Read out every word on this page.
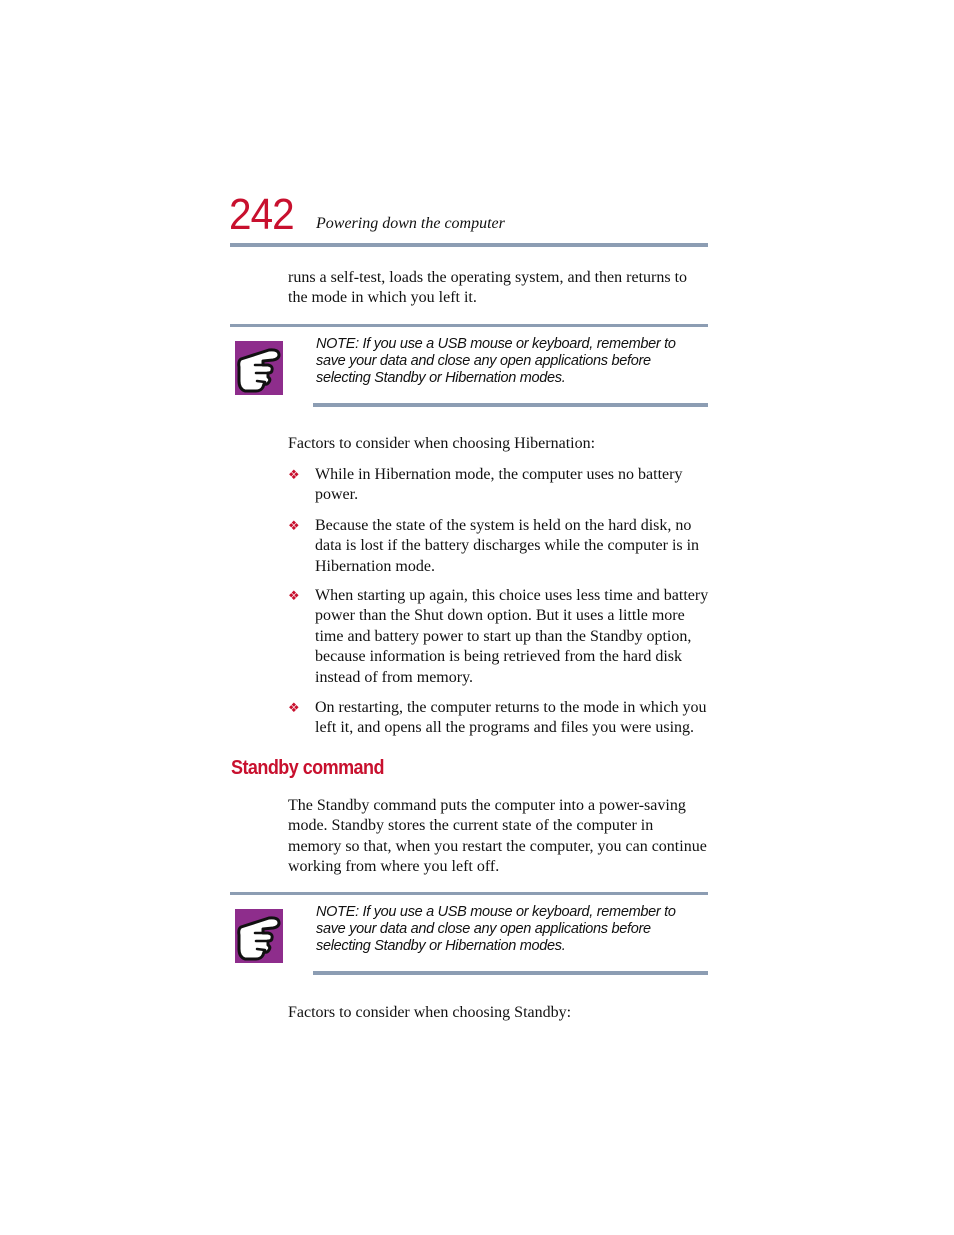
242 Powering down the computer
runs a self-test, loads the operating system, and then returns to the mode in which you left it.
NOTE: If you use a USB mouse or keyboard, remember to save your data and close any open applications before selecting Standby or Hibernation modes.
Factors to consider when choosing Hibernation:
❖ While in Hibernation mode, the computer uses no battery power.
❖ Because the state of the system is held on the hard disk, no data is lost if the battery discharges while the computer is in Hibernation mode.
❖ When starting up again, this choice uses less time and battery power than the Shut down option. But it uses a little more time and battery power to start up than the Standby option, because information is being retrieved from the hard disk instead of from memory.
❖ On restarting, the computer returns to the mode in which you left it, and opens all the programs and files you were using.
Standby command
The Standby command puts the computer into a power-saving mode. Standby stores the current state of the computer in memory so that, when you restart the computer, you can continue working from where you left off.
NOTE: If you use a USB mouse or keyboard, remember to save your data and close any open applications before selecting Standby or Hibernation modes.
Factors to consider when choosing Standby:
